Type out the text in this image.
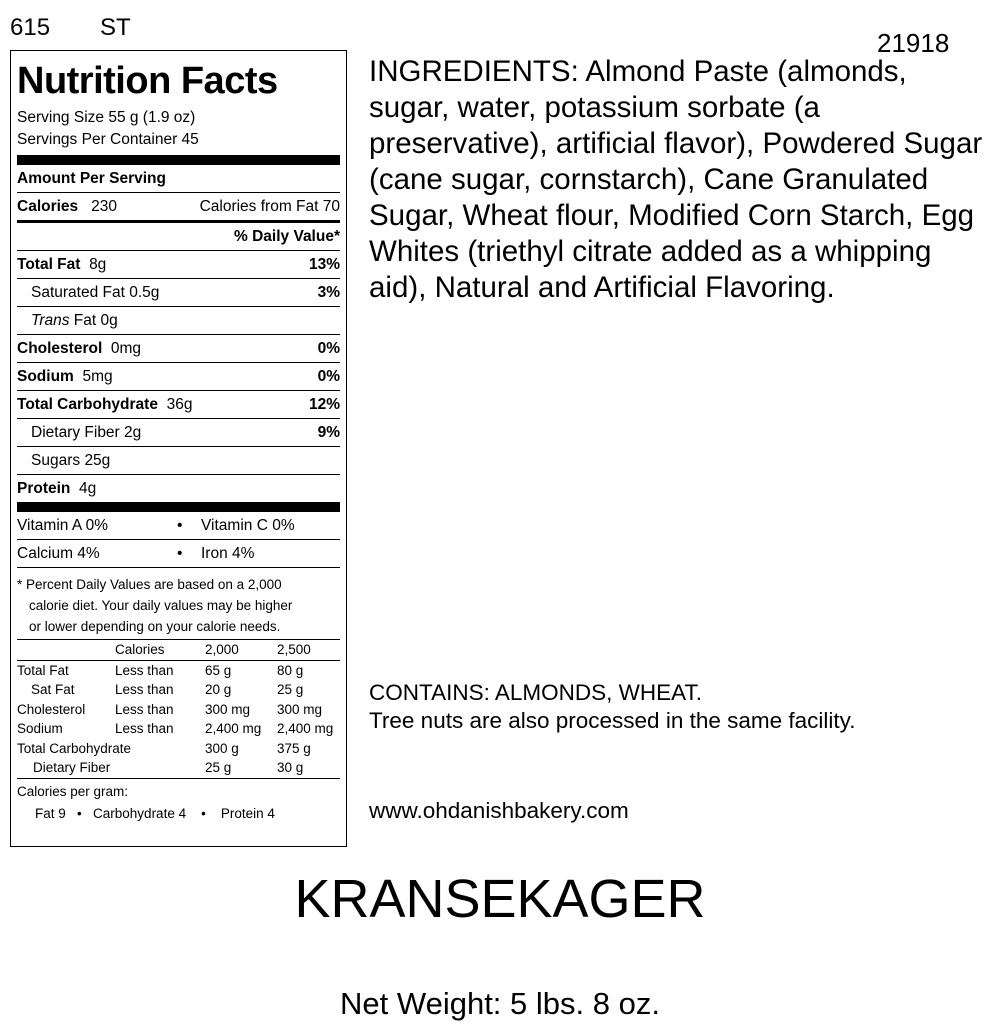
615 ST
21918
Nutrition Facts
Serving Size 55 g (1.9 oz)
Servings Per Container 45
Amount Per Serving
Calories 230	Calories from Fat 70
% Daily Value*
Total Fat 8g	13%
Saturated Fat 0.5g	3%
Trans Fat 0g
Cholesterol 0mg	0%
Sodium 5mg	0%
Total Carbohydrate 36g	12%
Dietary Fiber 2g	9%
Sugars 25g
Protein 4g
Vitamin A 0%	•	Vitamin C 0%
Calcium 4%	•	Iron 4%
* Percent Daily Values are based on a 2,000
calorie diet. Your daily values may be higher
or lower depending on your calorie needs.
	Calories	2,000	2,500
Total Fat	Less than	65 g	80 g
Sat Fat	Less than	20 g	25 g
Cholesterol	Less than	300 mg	300 mg
Sodium	Less than	2,400 mg	2,400 mg
Total Carbohydrate		300 g	375 g
Dietary Fiber		25 g	30 g
Calories per gram:
Fat 9 • Carbohydrate 4 • Protein 4
INGREDIENTS: Almond Paste (almonds, sugar, water, potassium sorbate (a preservative), artificial flavor), Powdered Sugar (cane sugar, cornstarch), Cane Granulated Sugar, Wheat flour, Modified Corn Starch, Egg Whites (triethyl citrate added as a whipping aid), Natural and Artificial Flavoring.
CONTAINS: ALMONDS, WHEAT.
Tree nuts are also processed in the same facility.
www.ohdanishbakery.com
KRANSEKAGER
Net Weight: 5 lbs. 8 oz.
